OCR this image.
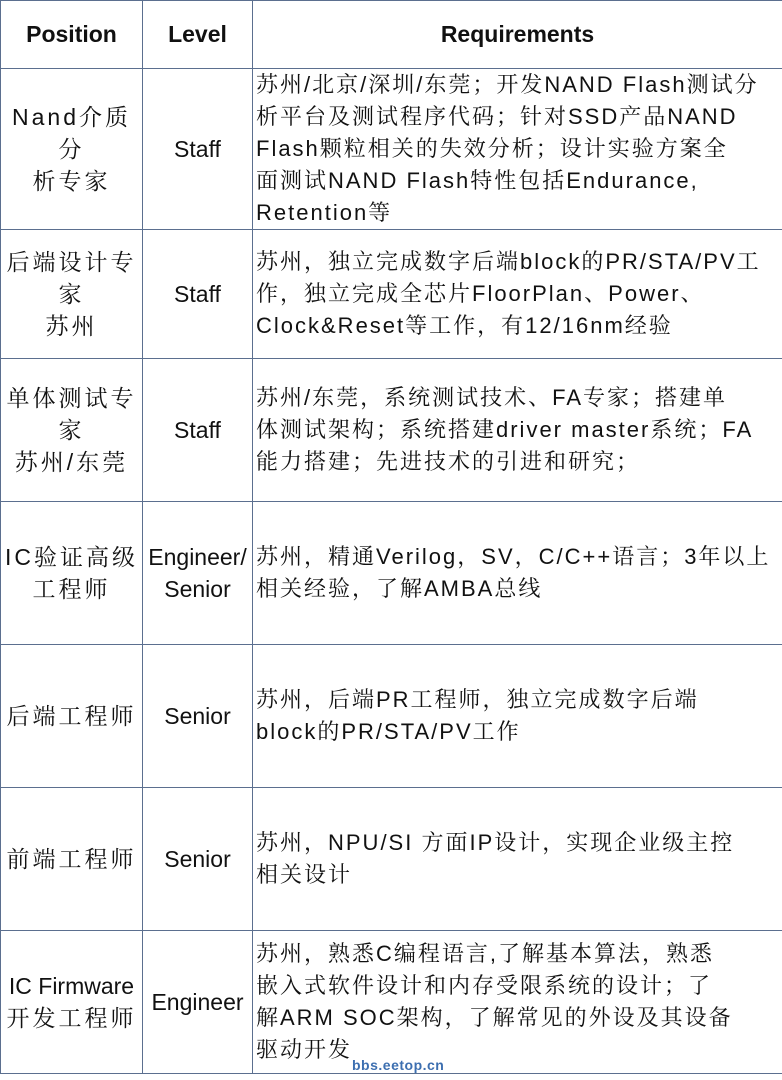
Position	Level	Requirements

Nand介质分
析专家	Staff	苏州/北京/深圳/东莞；开发NAND Flash测试分
析平台及测试程序代码；针对SSD产品NAND
Flash颗粒相关的失效分析；设计实验方案全
面测试NAND Flash特性包括Endurance,
Retention等

后端设计专
家
苏州	Staff	苏州，独立完成数字后端block的PR/STA/PV工
作，独立完成全芯片FloorPlan、Power、
Clock&Reset等工作，有12/16nm经验

单体测试专
家
苏州/东莞	Staff	苏州/东莞，系统测试技术、FA专家；搭建单
体测试架构；系统搭建driver master系统；FA
能力搭建；先进技术的引进和研究；

IC验证高级
工程师	Engineer/ Senior	苏州，精通Verilog，SV，C/C++语言；3年以上
相关经验，了解AMBA总线

后端工程师	Senior	苏州，后端PR工程师，独立完成数字后端
block的PR/STA/PV工作

前端工程师	Senior	苏州，NPU/SI 方面IP设计，实现企业级主控
相关设计

IC Firmware
开发工程师	Engineer	苏州，熟悉C编程语言,了解基本算法，熟悉
嵌入式软件设计和内存受限系统的设计；了
解ARM SOC架构，了解常见的外设及其设备
驱动开发
bbs.eetop.cn
